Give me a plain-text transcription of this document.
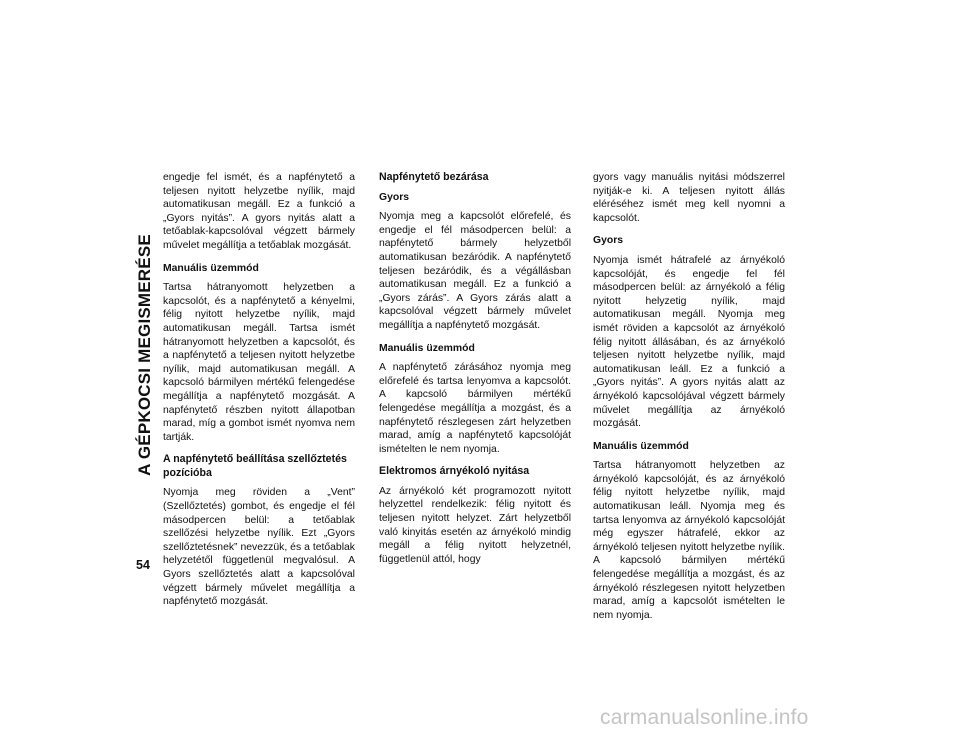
A GÉPKOCSI MEGISMERÉSE
54

engedje fel ismét, és a napfénytető a teljesen nyitott helyzetbe nyílik, majd automatikusan megáll. Ez a funkció a „Gyors nyitás”. A gyors nyitás alatt a tetőablak-kapcsolóval végzett bármely művelet megállítja a tetőablak mozgását.

Manuális üzemmód

Tartsa hátranyomott helyzetben a kapcsolót, és a napfénytető a kényelmi, félig nyitott helyzetbe nyílik, majd automatikusan megáll. Tartsa ismét hátranyomott helyzetben a kapcsolót, és a napfénytető a teljesen nyitott helyzetbe nyílik, majd automatikusan megáll. A kapcsoló bármilyen mértékű felengedése megállítja a napfénytető mozgását. A napfénytető részben nyitott állapotban marad, míg a gombot ismét nyomva nem tartják.

A napfénytető beállítása szellőztetés pozícióba

Nyomja meg röviden a „Vent” (Szellőztetés) gombot, és engedje el fél másodpercen belül: a tetőablak szellőzési helyzetbe nyílik. Ezt „Gyors szellőztetésnek” nevezzük, és a tetőablak helyzetétől függetlenül megvalósul. A Gyors szellőztetés alatt a kapcsolóval végzett bármely művelet megállítja a napfénytető mozgását.

Napfénytető bezárása
Gyors

Nyomja meg a kapcsolót előrefelé, és engedje el fél másodpercen belül: a napfénytető bármely helyzetből automatikusan bezáródik. A napfénytető teljesen bezáródik, és a végállásban automatikusan megáll. Ez a funkció a „Gyors zárás”. A Gyors zárás alatt a kapcsolóval végzett bármely művelet megállítja a napfénytető mozgását.

Manuális üzemmód

A napfénytető zárásához nyomja meg előrefelé és tartsa lenyomva a kapcsolót. A kapcsoló bármilyen mértékű felengedése megállítja a mozgást, és a napfénytető részlegesen zárt helyzetben marad, amíg a napfénytető kapcsolóját ismételten le nem nyomja.

Elektromos árnyékoló nyitása

Az árnyékoló két programozott nyitott helyzettel rendelkezik: félig nyitott és teljesen nyitott helyzet. Zárt helyzetből való kinyitás esetén az árnyékoló mindig megáll a félig nyitott helyzetnél, függetlenül attól, hogy

gyors vagy manuális nyitási módszerrel nyitják-e ki. A teljesen nyitott állás eléréséhez ismét meg kell nyomni a kapcsolót.

Gyors

Nyomja ismét hátrafelé az árnyékoló kapcsolóját, és engedje fel fél másodpercen belül: az árnyékoló a félig nyitott helyzetig nyílik, majd automatikusan megáll. Nyomja meg ismét röviden a kapcsolót az árnyékoló félig nyitott állásában, és az árnyékoló teljesen nyitott helyzetbe nyílik, majd automatikusan leáll. Ez a funkció a „Gyors nyitás”. A gyors nyitás alatt az árnyékoló kapcsolójával végzett bármely művelet megállítja az árnyékoló mozgását.

Manuális üzemmód

Tartsa hátranyomott helyzetben az árnyékoló kapcsolóját, és az árnyékoló félig nyitott helyzetbe nyílik, majd automatikusan leáll. Nyomja meg és tartsa lenyomva az árnyékoló kapcsolóját még egyszer hátrafelé, ekkor az árnyékoló teljesen nyitott helyzetbe nyílik. A kapcsoló bármilyen mértékű felengedése megállítja a mozgást, és az árnyékoló részlegesen nyitott helyzetben marad, amíg a kapcsolót ismételten le nem nyomja.

carmanualsonline.info
